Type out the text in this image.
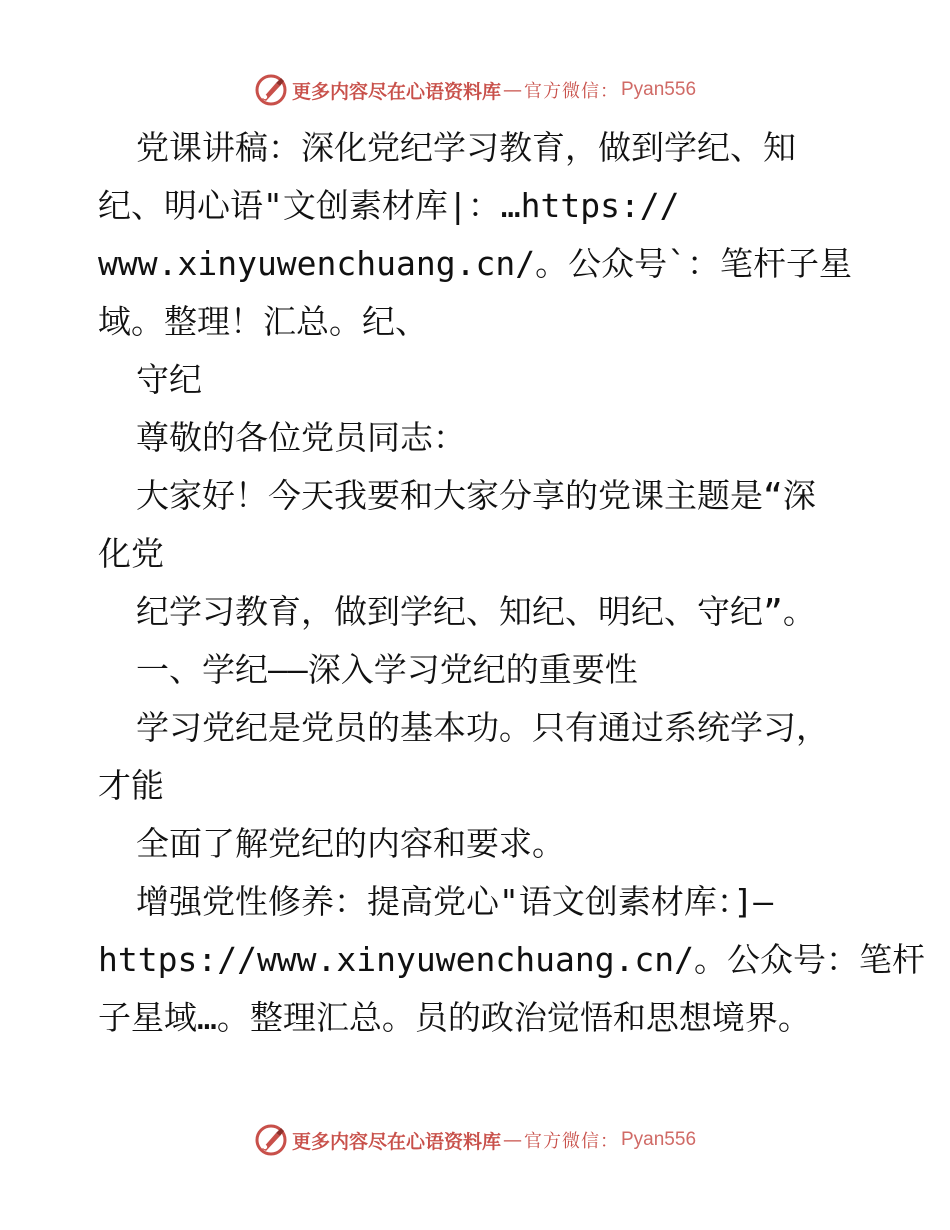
更多内容尽在心语资料库 — 官方微信： Pyan556
党课讲稿：深化党纪学习教育，做到学纪、知
纪、明心语"文创素材库|：…https://
www.xinyuwenchuang.cn/。公众号`：笔杆子星
域。整理！汇总。纪、
守纪
尊敬的各位党员同志：
大家好！今天我要和大家分享的党课主题是“深
化党
纪学习教育，做到学纪、知纪、明纪、守纪”。
一、学纪——深入学习党纪的重要性
学习党纪是党员的基本功。只有通过系统学习，
才能
全面了解党纪的内容和要求。
增强党性修养：提高党心"语文创素材库：]—
https://www.xinyuwenchuang.cn/。公众号：笔杆
子星域…。整理汇总。员的政治觉悟和思想境界。
更多内容尽在心语资料库 — 官方微信： Pyan556
